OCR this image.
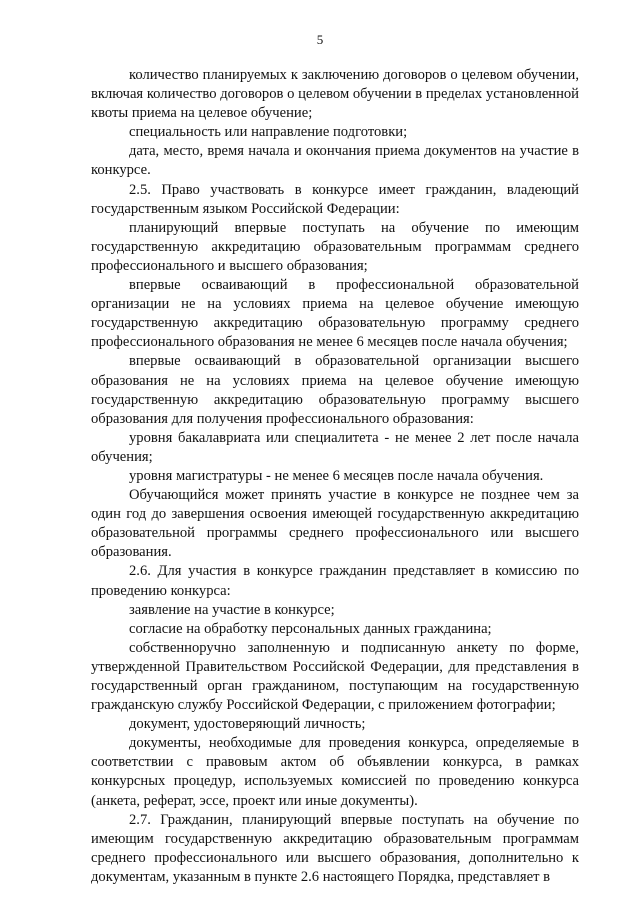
5

количество планируемых к заключению договоров о целевом обучении, включая количество договоров о целевом обучении в пределах установленной квоты приема на целевое обучение;

специальность или направление подготовки;

дата, место, время начала и окончания приема документов на участие в конкурсе.

2.5. Право участвовать в конкурсе имеет гражданин, владеющий государственным языком Российской Федерации:

планирующий впервые поступать на обучение по имеющим государственную аккредитацию образовательным программам среднего профессионального и высшего образования;

впервые осваивающий в профессиональной образовательной организации не на условиях приема на целевое обучение имеющую государственную аккредитацию образовательную программу среднего профессионального образования не менее 6 месяцев после начала обучения;

впервые осваивающий в образовательной организации высшего образования не на условиях приема на целевое обучение имеющую государственную аккредитацию образовательную программу высшего образования для получения профессионального образования:

уровня бакалавриата или специалитета - не менее 2 лет после начала обучения;

уровня магистратуры - не менее 6 месяцев после начала обучения.

Обучающийся может принять участие в конкурсе не позднее чем за один год до завершения освоения имеющей государственную аккредитацию образовательной программы среднего профессионального или высшего образования.

2.6. Для участия в конкурсе гражданин представляет в комиссию по проведению конкурса:

заявление на участие в конкурсе;

согласие на обработку персональных данных гражданина;

собственноручно заполненную и подписанную анкету по форме, утвержденной Правительством Российской Федерации, для представления в государственный орган гражданином, поступающим на государственную гражданскую службу Российской Федерации, с приложением фотографии;

документ, удостоверяющий личность;

документы, необходимые для проведения конкурса, определяемые в соответствии с правовым актом об объявлении конкурса, в рамках конкурсных процедур, используемых комиссией по проведению конкурса (анкета, реферат, эссе, проект или иные документы).

2.7. Гражданин, планирующий впервые поступать на обучение по имеющим государственную аккредитацию образовательным программам среднего профессионального или высшего образования, дополнительно к документам, указанным в пункте 2.6 настоящего Порядка, представляет в
